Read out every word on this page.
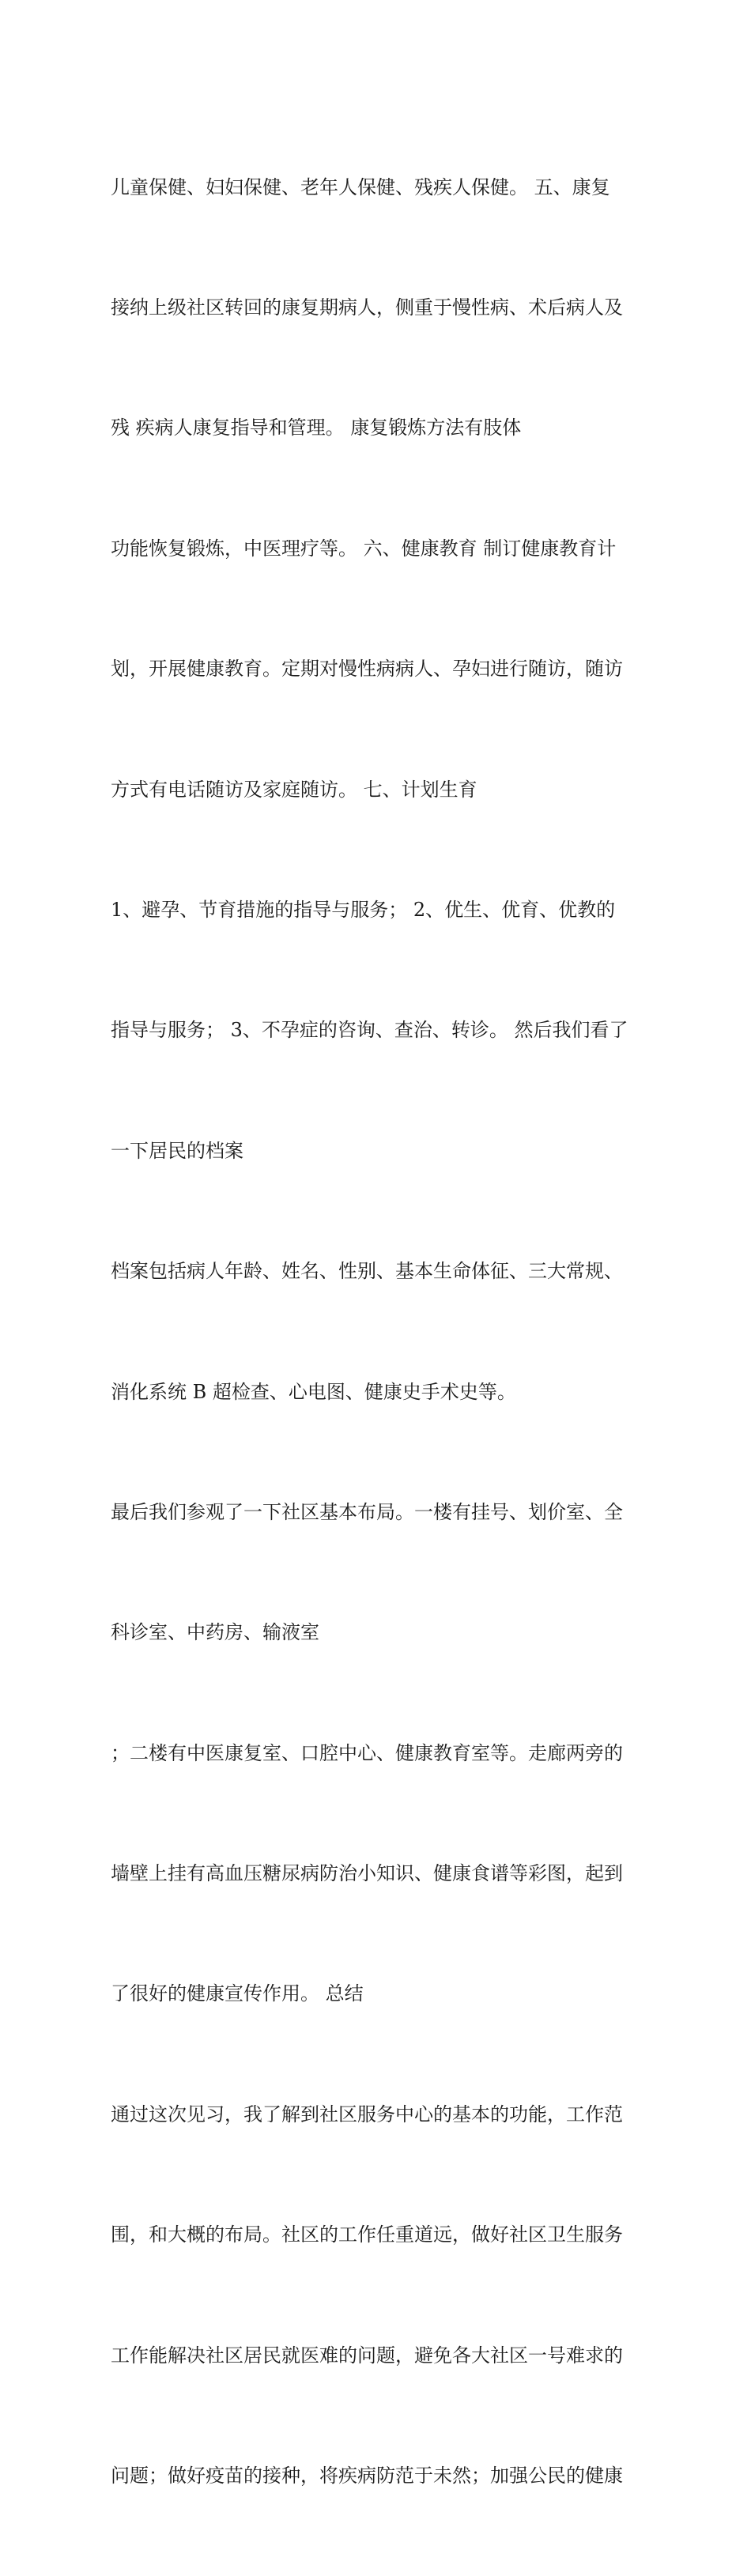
儿童保健、妇妇保健、老年人保健、残疾人保健。 五、康复

接纳上级社区转回的康复期病人，侧重于慢性病、术后病人及

残 疾病人康复指导和管理。 康复锻炼方法有肢体

功能恢复锻炼，中医理疗等。 六、健康教育 制订健康教育计

划，开展健康教育。定期对慢性病病人、孕妇进行随访，随访

方式有电话随访及家庭随访。 七、计划生育

1、避孕、节育措施的指导与服务； 2、优生、优育、优教的

指导与服务； 3、不孕症的咨询、查治、转诊。 然后我们看了

一下居民的档案

档案包括病人年龄、姓名、性别、基本生命体征、三大常规、

消化系统 B 超检查、心电图、健康史手术史等。

最后我们参观了一下社区基本布局。一楼有挂号、划价室、全

科诊室、中药房、输液室

；二楼有中医康复室、口腔中心、健康教育室等。走廊两旁的

墙壁上挂有高血压糖尿病防治小知识、健康食谱等彩图，起到

了很好的健康宣传作用。 总结

通过这次见习，我了解到社区服务中心的基本的功能，工作范

围，和大概的布局。社区的工作任重道远，做好社区卫生服务

工作能解决社区居民就医难的问题，避免各大社区一号难求的

问题；做好疫苗的接种，将疾病防范于未然；加强公民的健康
